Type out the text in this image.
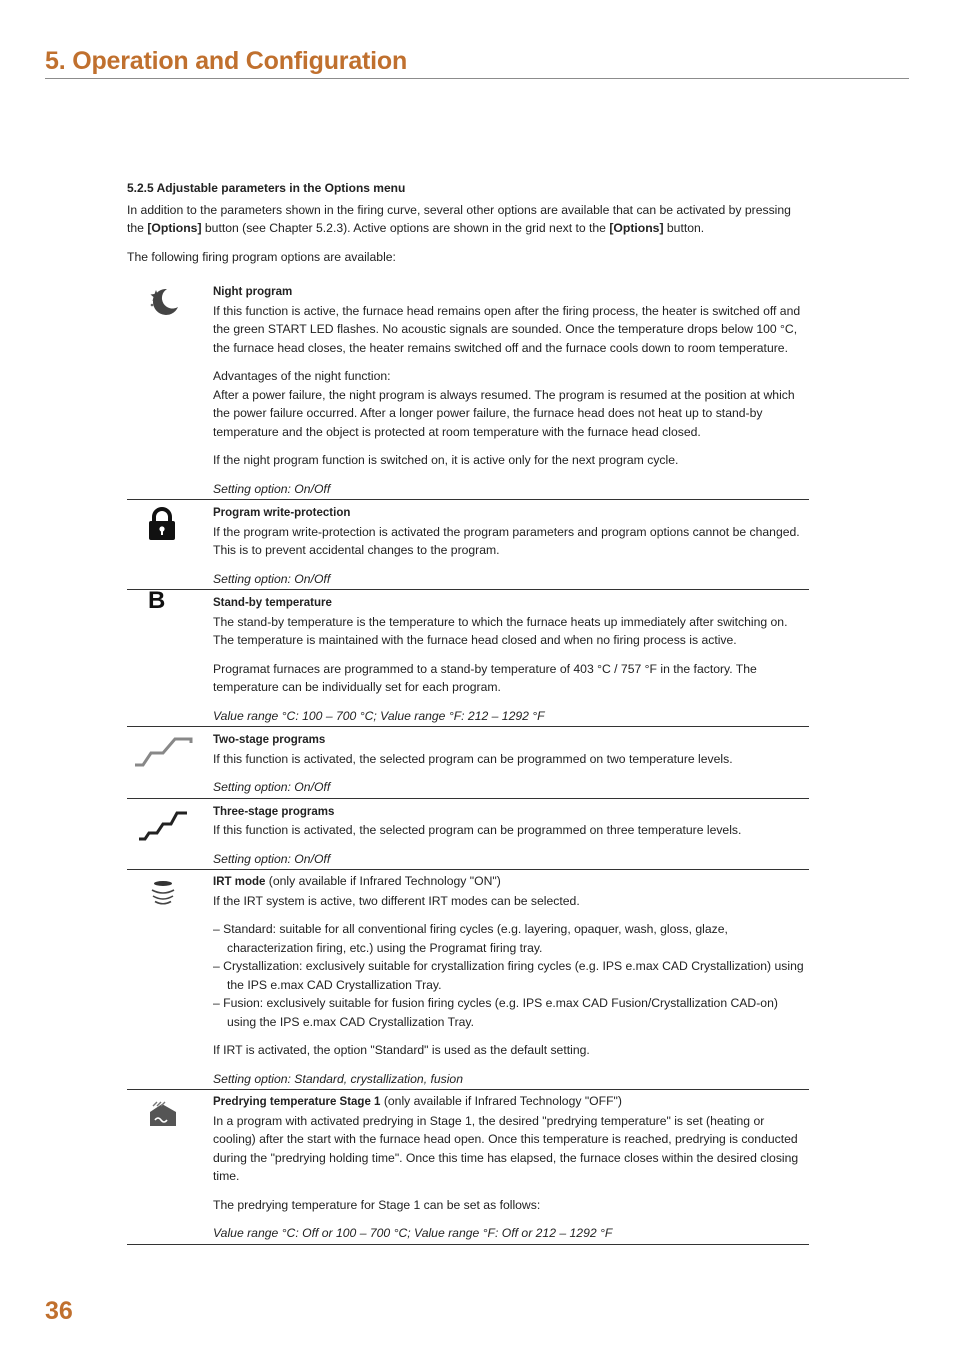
5. Operation and Configuration
5.2.5 Adjustable parameters in the Options menu

In addition to the parameters shown in the firing curve, several other options are available that can be activated by pressing the [Options] button (see Chapter 5.2.3). Active options are shown in the grid next to the [Options] button.

The following firing program options are available:

Night program

If this function is active, the furnace head remains open after the firing process, the heater is switched off and the green START LED flashes. No acoustic signals are sounded. Once the temperature drops below 100 °C, the furnace head closes, the heater remains switched off and the furnace cools down to room temperature.

Advantages of the night function:
After a power failure, the night program is always resumed. The program is resumed at the position at which the power failure occurred. After a longer power failure, the furnace head does not heat up to stand-by temperature and the object is protected at room temperature with the furnace head closed.

If the night program function is switched on, it is active only for the next program cycle.

Setting option: On/Off

Program write-protection

If the program write-protection is activated the program parameters and program options cannot be changed. This is to prevent accidental changes to the program.

Setting option: On/Off

B	Stand-by temperature

The stand-by temperature is the temperature to which the furnace heats up immediately after switching on. The temperature is maintained with the furnace head closed and when no firing process is active.

Programat furnaces are programmed to a stand-by temperature of 403 °C / 757 °F in the factory. The temperature can be individually set for each program.

Value range °C: 100 – 700 °C; Value range °F: 212 – 1292 °F

Two-stage programs

If this function is activated, the selected program can be programmed on two temperature levels.

Setting option: On/Off

Three-stage programs

If this function is activated, the selected program can be programmed on three temperature levels.

Setting option: On/Off

IRT mode (only available if Infrared Technology "ON")

If the IRT system is active, two different IRT modes can be selected.

– Standard: suitable for all conventional firing cycles (e.g. layering, opaquer, wash, gloss, glaze, characterization firing, etc.) using the Programat firing tray.
– Crystallization: exclusively suitable for crystallization firing cycles (e.g. IPS e.max CAD Crystallization) using the IPS e.max CAD Crystallization Tray.
– Fusion: exclusively suitable for fusion firing cycles (e.g. IPS e.max CAD Fusion/Crystallization CAD-on) using the IPS e.max CAD Crystallization Tray.

If IRT is activated, the option "Standard" is used as the default setting.

Setting option: Standard, crystallization, fusion

Predrying temperature Stage 1 (only available if Infrared Technology "OFF")

In a program with activated predrying in Stage 1, the desired "predrying temperature" is set (heating or cooling) after the start with the furnace head open. Once this temperature is reached, predrying is conducted during the "predrying holding time". Once this time has elapsed, the furnace closes within the desired closing time.

The predrying temperature for Stage 1 can be set as follows:

Value range °C: Off or 100 – 700 °C; Value range °F: Off or 212 – 1292 °F

36
